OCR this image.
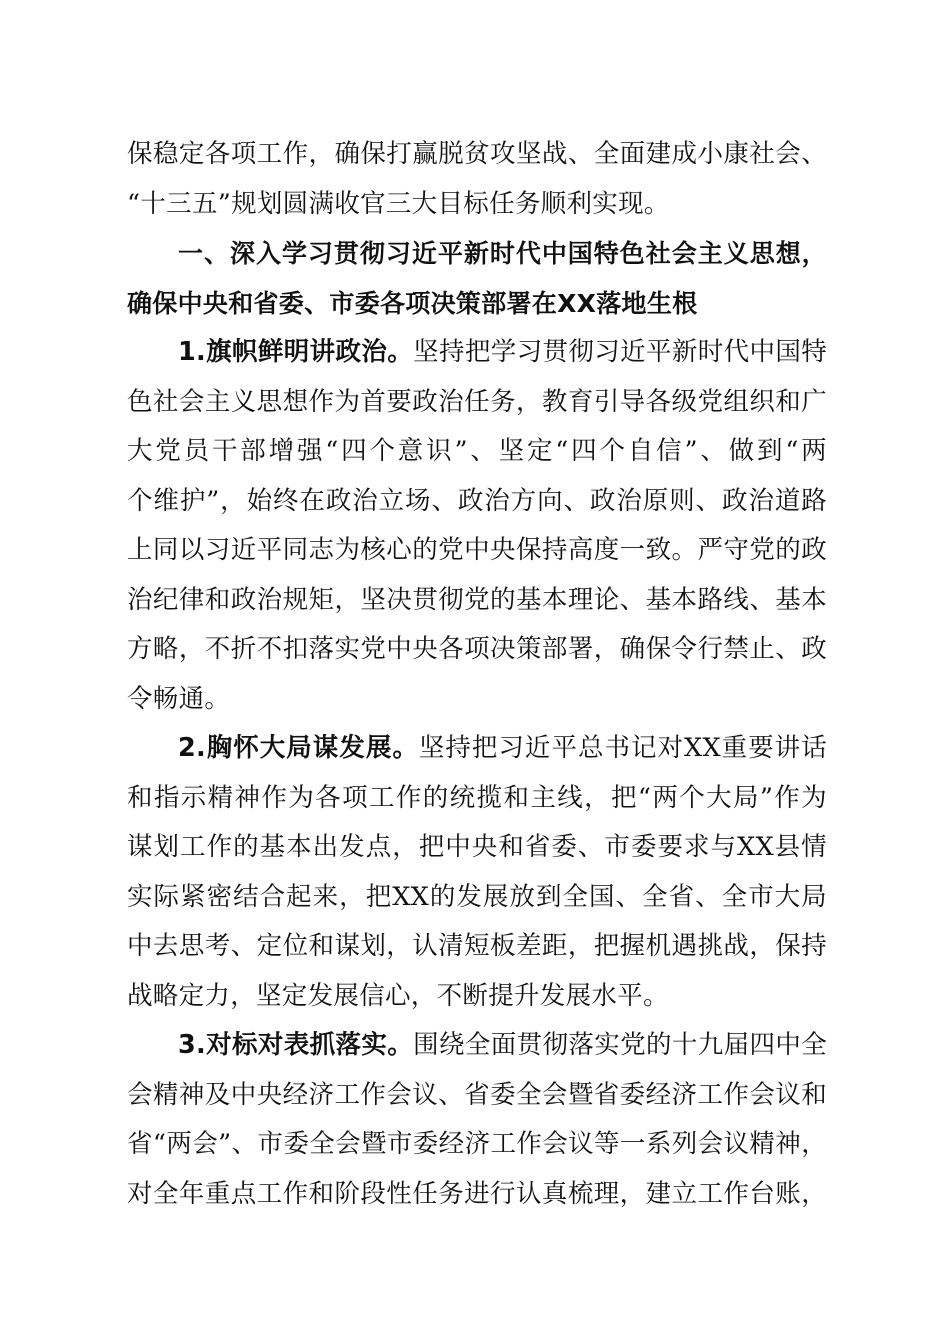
保稳定各项工作，确保打赢脱贫攻坚战、全面建成小康社会、
“十三五”规划圆满收官三大目标任务顺利实现。
一、深入学习贯彻习近平新时代中国特色社会主义思想，
确保中央和省委、市委各项决策部署在XX落地生根
1.旗帜鲜明讲政治。坚持把学习贯彻习近平新时代中国特
色社会主义思想作为首要政治任务，教育引导各级党组织和广
大党员干部增强“四个意识”、坚定“四个自信”、做到“两
个维护”，始终在政治立场、政治方向、政治原则、政治道路
上同以习近平同志为核心的党中央保持高度一致。严守党的政
治纪律和政治规矩，坚决贯彻党的基本理论、基本路线、基本
方略，不折不扣落实党中央各项决策部署，确保令行禁止、政
令畅通。
2.胸怀大局谋发展。坚持把习近平总书记对XX重要讲话
和指示精神作为各项工作的统揽和主线，把“两个大局”作为
谋划工作的基本出发点，把中央和省委、市委要求与XX县情
实际紧密结合起来，把XX的发展放到全国、全省、全市大局
中去思考、定位和谋划，认清短板差距，把握机遇挑战，保持
战略定力，坚定发展信心，不断提升发展水平。
3.对标对表抓落实。围绕全面贯彻落实党的十九届四中全
会精神及中央经济工作会议、省委全会暨省委经济工作会议和
省“两会”、市委全会暨市委经济工作会议等一系列会议精神，
对全年重点工作和阶段性任务进行认真梳理，建立工作台账，
